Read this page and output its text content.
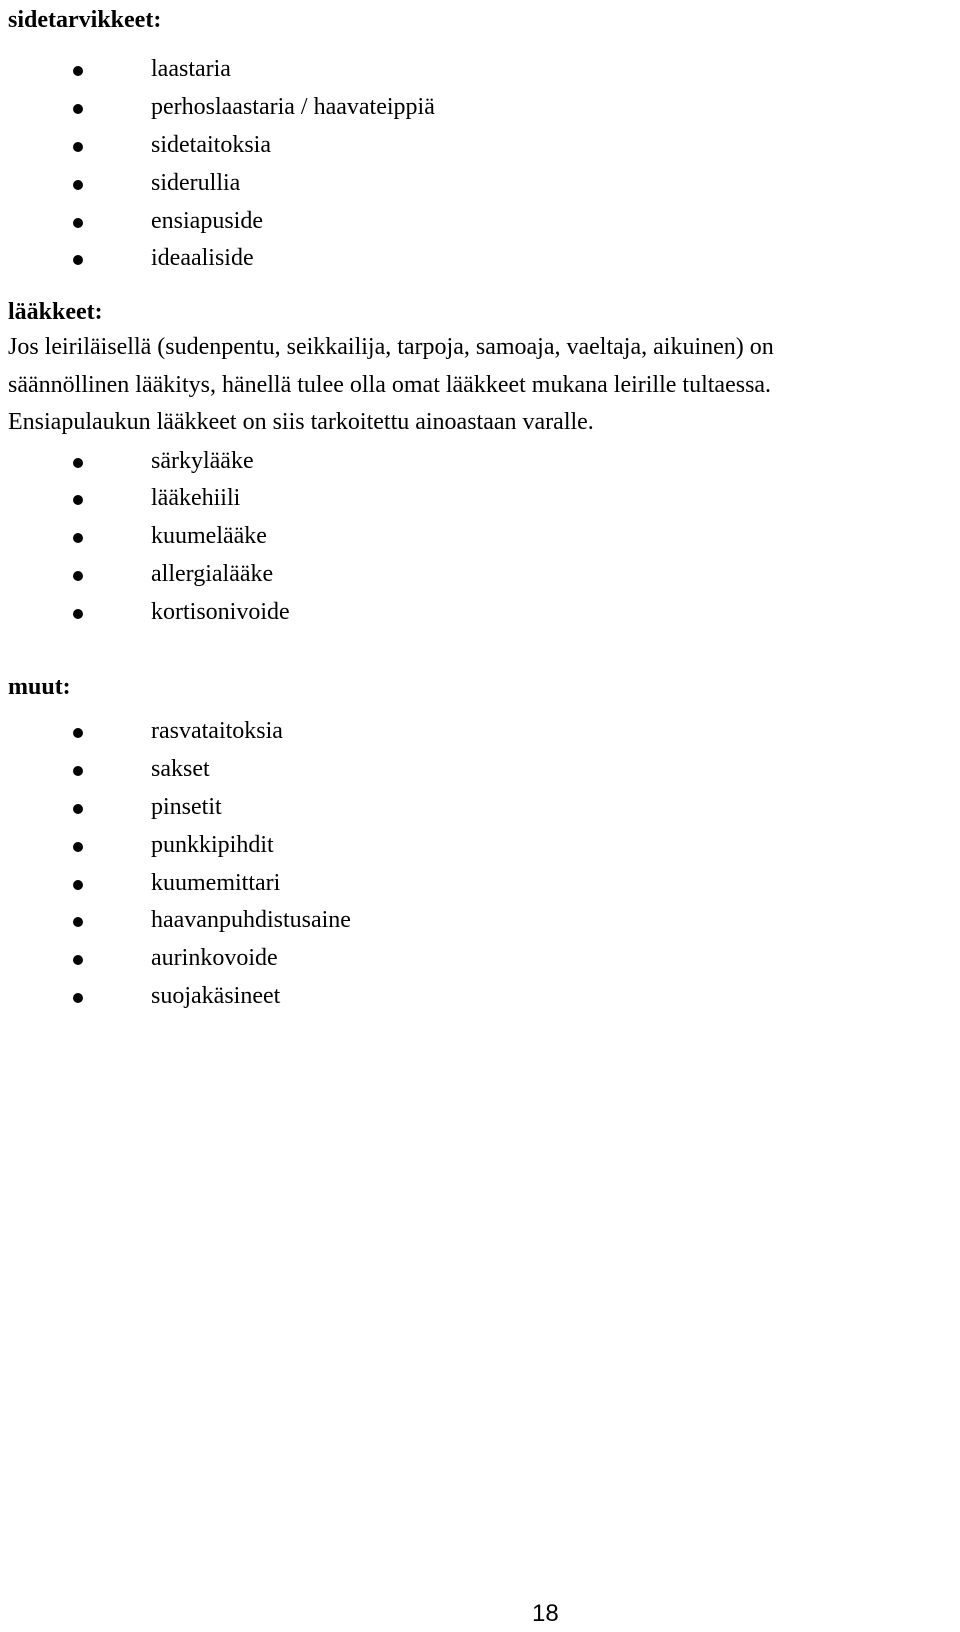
sidetarvikkeet:
laastaria
perhoslaastaria / haavateippiä
sidetaitoksia
siderullia
ensiapuside
ideaaliside
lääkkeet:

Jos leiriläisellä (sudenpentu, seikkailija, tarpoja, samoaja, vaeltaja, aikuinen) on

säännöllinen lääkitys, hänellä tulee olla omat lääkkeet mukana leirille tultaessa.

Ensiapulaukun lääkkeet on siis tarkoitettu ainoastaan varalle.

särkylääke
lääkehiili
kuumelääke
allergialääke
kortisonivoide
muut:
rasvataitoksia
sakset
pinsetit
punkkipihdit
kuumemittari
haavanpuhdistusaine
aurinkovoide
suojakäsineet
18
